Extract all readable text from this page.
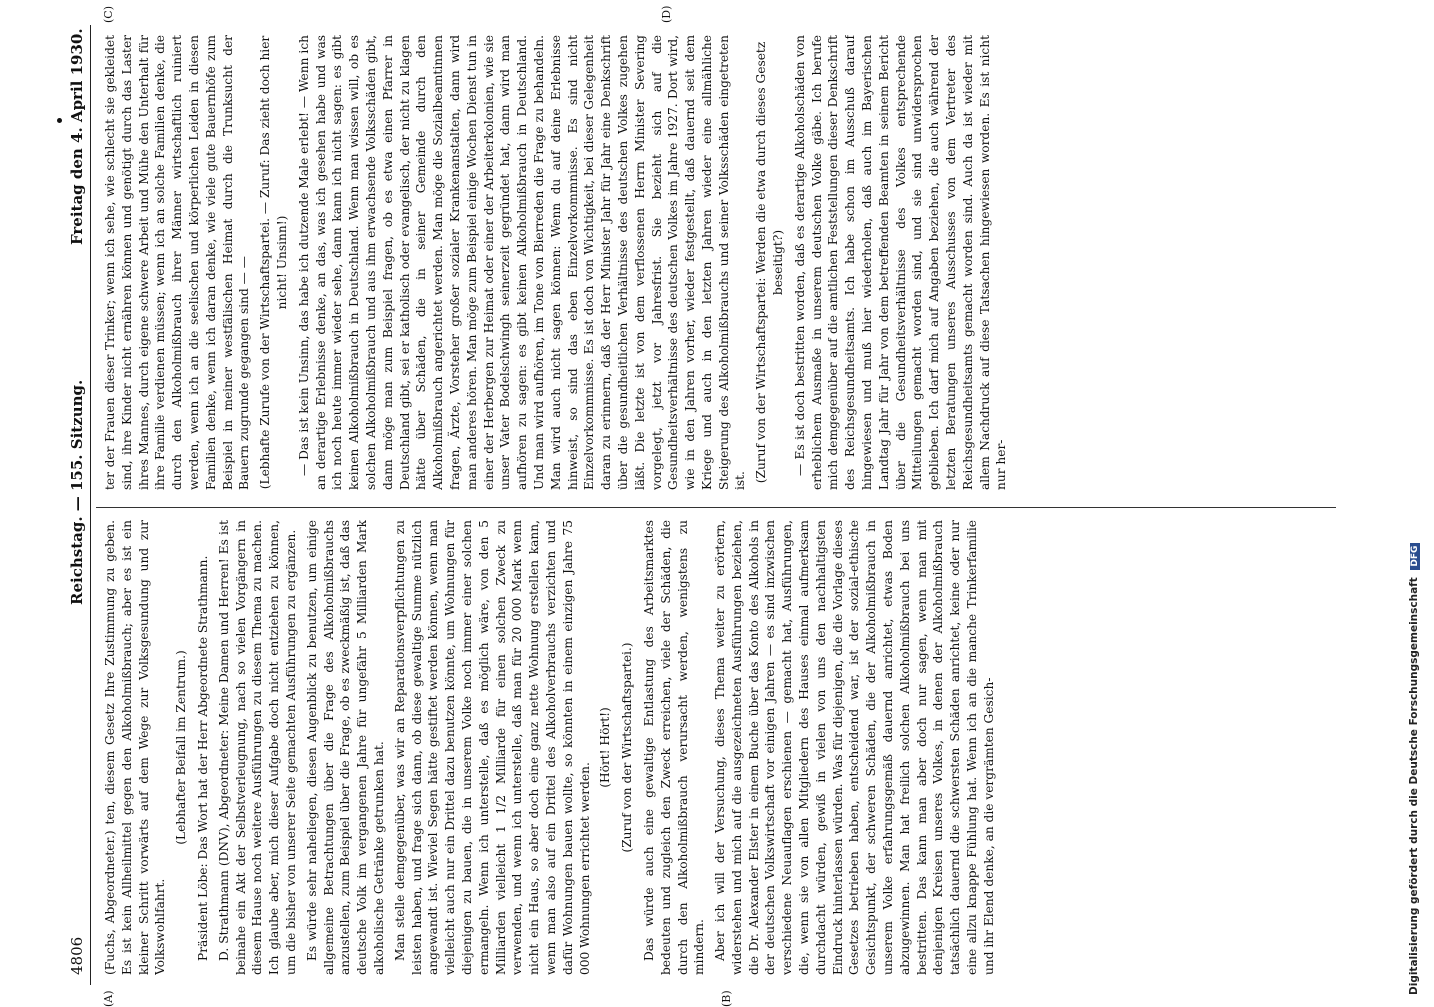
4806
Reichstag. — 155. Sitzung.
Freitag den 4. April 1930.
(A)	(B)
(C)	(D)

(Fuchs, Abgeordneter.) ten, diesem Gesetz Ihre Zustimmung zu geben. Es ist kein Allheilmittel gegen den Alkoholmißbrauch; aber es ist ein kleiner Schritt vorwärts auf dem Wege zur Volksgesundung und zur Volkswohlfahrt.

(Lebhafter Beifall im Zentrum.) Präsident Löbe: Das Wort hat der Herr Abgeordnete Strathmann. D. Strathmann (DNV), Abgeordneter: Meine Damen und Herren! Es ist beinahe ein Akt der Selbstverleugnung, nach so vielen Vorgängern in diesem Hause noch weitere Ausführungen zu diesem Thema zu machen. Ich glaube aber, mich dieser Aufgabe doch nicht entziehen zu können, um die bisher von unserer Seite gemachten Ausführungen zu ergänzen. Es würde sehr naheliegen, diesen Augenblick zu benutzen, um einige allgemeine Betrachtungen über die Frage des Alkoholmißbrauchs anzustellen, zum Beispiel über die Frage, ob es zweckmäßig ist, daß das deutsche Volk im vergangenen Jahre für ungefähr 5 Milliarden Mark alkoholische Getränke getrunken hat. Man stelle demgegenüber, was wir an Reparationsverpflichtungen zu leisten haben, und frage sich dann, ob diese gewaltige Summe nützlich angewandt ist. Wieviel Segen hätte gestiftet werden können, wenn man vielleicht auch nur ein Drittel dazu benutzen könnte, um Wohnungen für diejenigen zu bauen, die in unserem Volke noch immer einer solchen ermangeln. Wenn ich unterstelle, daß es möglich wäre, von den 5 Milliarden vielleicht 1 1/2 Milliarde für einen solchen Zweck zu verwenden, und wenn ich unterstelle, daß man für 20 000 Mark wenn nicht ein Haus, so aber doch eine ganz nette Wohnung erstellen kann, wenn man also auf ein Drittel des Alkoholverbrauchs verzichten und dafür Wohnungen bauen wollte, so könnten in einem einzigen Jahre 75 000 Wohnungen errichtet werden.

(Hört! Hört!) (Zuruf von der Wirtschaftspartei.) Das würde auch eine gewaltige Entlastung des Arbeitsmarktes bedeuten und zugleich den Zweck erreichen, viele der Schäden, die durch den Alkoholmißbrauch verursacht werden, wenigstens zu mindern. Aber ich will der Versuchung, dieses Thema weiter zu erörtern, widerstehen und mich auf die ausgezeichneten Ausführungen beziehen, die Dr. Alexander Elster in einem Buche über das Konto des Alkohols in der deutschen Volkswirtschaft vor einigen Jahren — es sind inzwischen verschiedene Neuauflagen erschienen — gemacht hat, Ausführungen, die, wenn sie von allen Mitgliedern des Hauses einmal aufmerksam durchdacht würden, gewiß in vielen von uns den nachhaltigsten Eindruck hinterlassen würden. Was für diejenigen, die die Vorlage dieses Gesetzes betrieben haben, entscheidend war, ist der sozial-ethische Gesichtspunkt, der schweren Schäden, die der Alkoholmißbrauch in unserem Volke erfahrungsgemäß dauernd anrichtet, etwas Boden abzugewinnen. Man hat freilich solchen Alkoholmißbrauch bei uns bestritten. Das kann man aber doch nur sagen, wenn man mit denjenigen Kreisen unseres Volkes, in denen der Alkoholmißbrauch tatsächlich dauernd die schwersten Schäden anrichtet, keine oder nur eine allzu knappe Fühlung hat. Wenn ich an die manche Trinkerfamilie und ihr Elend denke, an die vergrämten Gesich-

ter der Frauen dieser Trinker; wenn ich sehe, wie schlecht sie gekleidet sind, ihre Kinder nicht ernähren können und genötigt durch das Laster ihres Mannes, durch eigene schwere Arbeit und Mühe den Unterhalt für ihre Familie verdienen müssen; wenn ich an solche Familien denke, die durch den Alkoholmißbrauch ihrer Männer wirtschaftlich ruiniert werden, wenn ich an die seelischen und körperlichen Leiden in diesen Familien denke, wenn ich daran denke, wie viele gute Bauernhöfe zum Beispiel in meiner westfälischen Heimat durch die Trunksucht der Bauern zugrunde gegangen sind — — (Lebhafte Zurufe von der Wirtschaftspartei. — Zuruf: Das zieht doch hier nicht! Unsinn!) — Das ist kein Unsinn, das habe ich dutzende Male erlebt! — Wenn ich an derartige Erlebnisse denke, an das, was ich gesehen habe und was ich noch heute immer wieder sehe, dann kann ich nicht sagen: es gibt keinen Alkoholmißbrauch in Deutschland. Wenn man wissen will, ob es solchen Alkoholmißbrauch und aus ihm erwachsende Volksschäden gibt, dann möge man zum Beispiel fragen, ob es etwa einen Pfarrer in Deutschland gibt, sei er katholisch oder evangelisch, der nicht zu klagen hätte über Schäden, die in seiner Gemeinde durch den Alkoholmißbrauch angerichtet werden. Man möge die Sozialbeamtinnen fragen, Ärzte, Vorsteher großer sozialer Krankenanstalten, dann wird man anderes hören. Man möge zum Beispiel einige Wochen Dienst tun in einer der Herbergen zur Heimat oder einer der Arbeiterkolonien, wie sie unser Vater Bodelschwingh seinerzeit gegründet hat, dann wird man aufhören zu sagen: es gibt keinen Alkoholmißbrauch in Deutschland. Und man wird aufhören, im Tone von Bierreden die Frage zu behandeln. Man wird auch nicht sagen können: Wenn du auf deine Erlebnisse hinweist, so sind das eben Einzelvorkommnisse. Es sind nicht Einzelvorkommnisse. Es ist doch von Wichtigkeit, bei dieser Gelegenheit daran zu erinnern, daß der Herr Minister Jahr für Jahr eine Denkschrift über die gesundheitlichen Verhältnisse des deutschen Volkes zugehen läßt. Die letzte ist von dem verflossenen Herrn Minister Severing vorgelegt, jetzt vor Jahresfrist. Sie bezieht sich auf die Gesundheitsverhältnisse des deutschen Volkes im Jahre 1927. Dort wird, wie in den Jahren vorher, wieder festgestellt, daß dauernd seit dem Kriege und auch in den letzten Jahren wieder eine allmähliche Steigerung des Alkoholmißbrauchs und seiner Volksschäden eingetreten ist. (Zuruf von der Wirtschaftspartei: Werden die etwa durch dieses Gesetz beseitigt?) — Es ist doch bestritten worden, daß es derartige Alkoholschäden von erheblichem Ausmaße in unserem deutschen Volke gäbe. Ich berufe mich demgegenüber auf die amtlichen Feststellungen dieser Denkschrift des Reichsgesundheitsamts. Ich habe schon im Ausschuß darauf hingewiesen und muß hier wiederholen, daß auch im Bayerischen Landtag Jahr für Jahr von dem betreffenden Beamten in seinem Bericht über die Gesundheitsverhältnisse des Volkes entsprechende Mitteilungen gemacht worden sind, und sie sind unwidersprochen geblieben. Ich darf mich auf Angaben beziehen, die auch während der letzten Beratungen unseres Ausschusses von dem Vertreter des Reichsgesundheitsamts gemacht worden sind. Auch da ist wieder mit allem Nachdruck auf diese Tatsachen hingewiesen worden. Es ist nicht nur her-

Digitalisierung gefördert durch die Deutsche Forschungsgemeinschaft DFG
